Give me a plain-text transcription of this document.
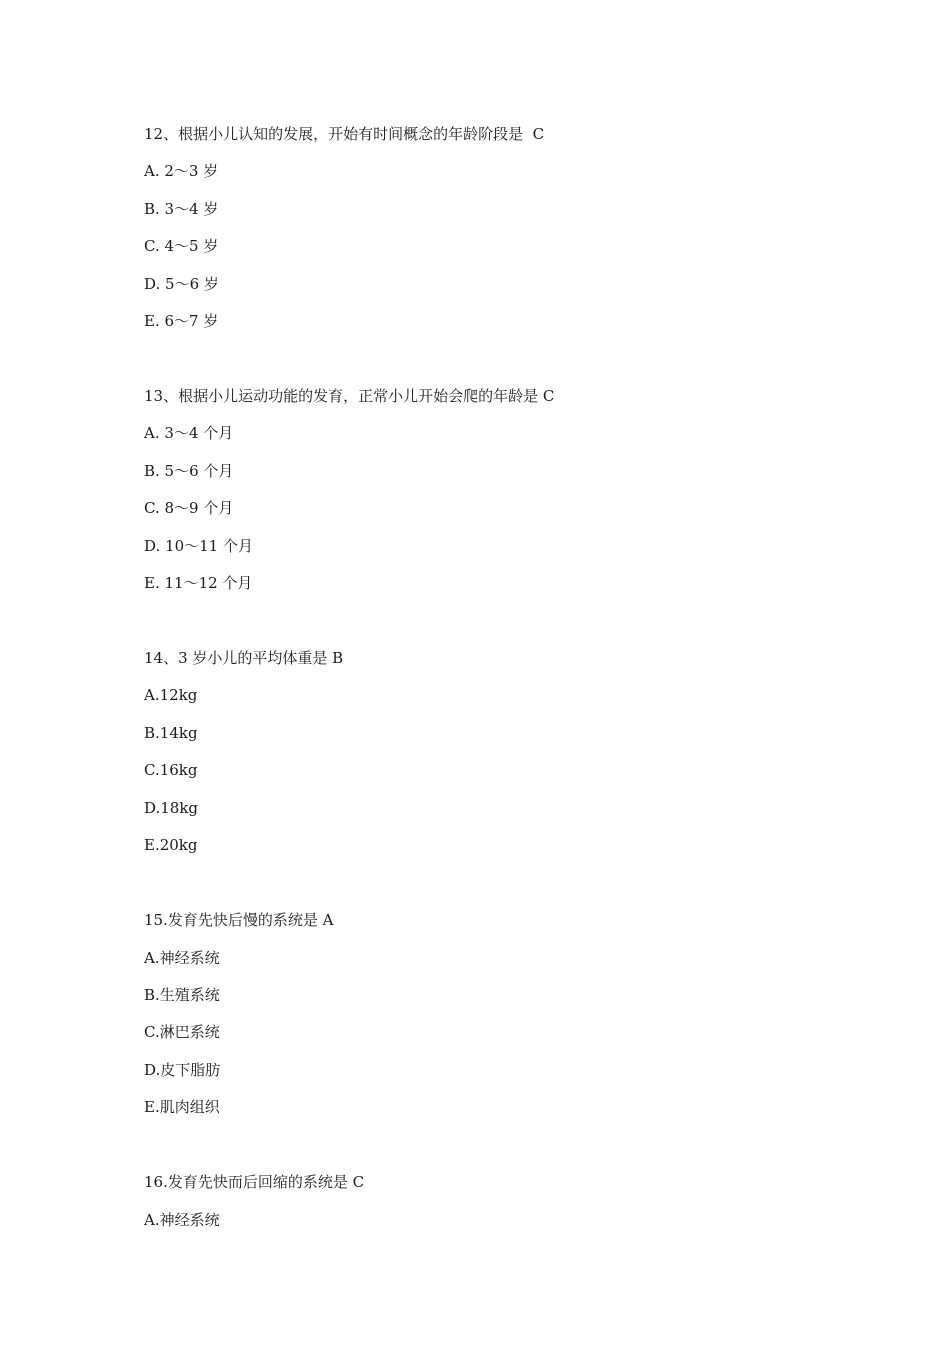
12、根据小儿认知的发展，开始有时间概念的年龄阶段是  C
A. 2～3 岁
B. 3～4 岁
C. 4～5 岁
D. 5～6 岁
E. 6～7 岁
13、根据小儿运动功能的发育，正常小儿开始会爬的年龄是 C
A. 3～4 个月
B. 5～6 个月
C. 8～9 个月
D. 10～11 个月
E. 11～12 个月
14、3 岁小儿的平均体重是 B
A.12kg
B.14kg
C.16kg
D.18kg
E.20kg
15.发育先快后慢的系统是 A
A.神经系统
B.生殖系统
C.淋巴系统
D.皮下脂肪
E.肌肉组织
16.发育先快而后回缩的系统是 C
A.神经系统
